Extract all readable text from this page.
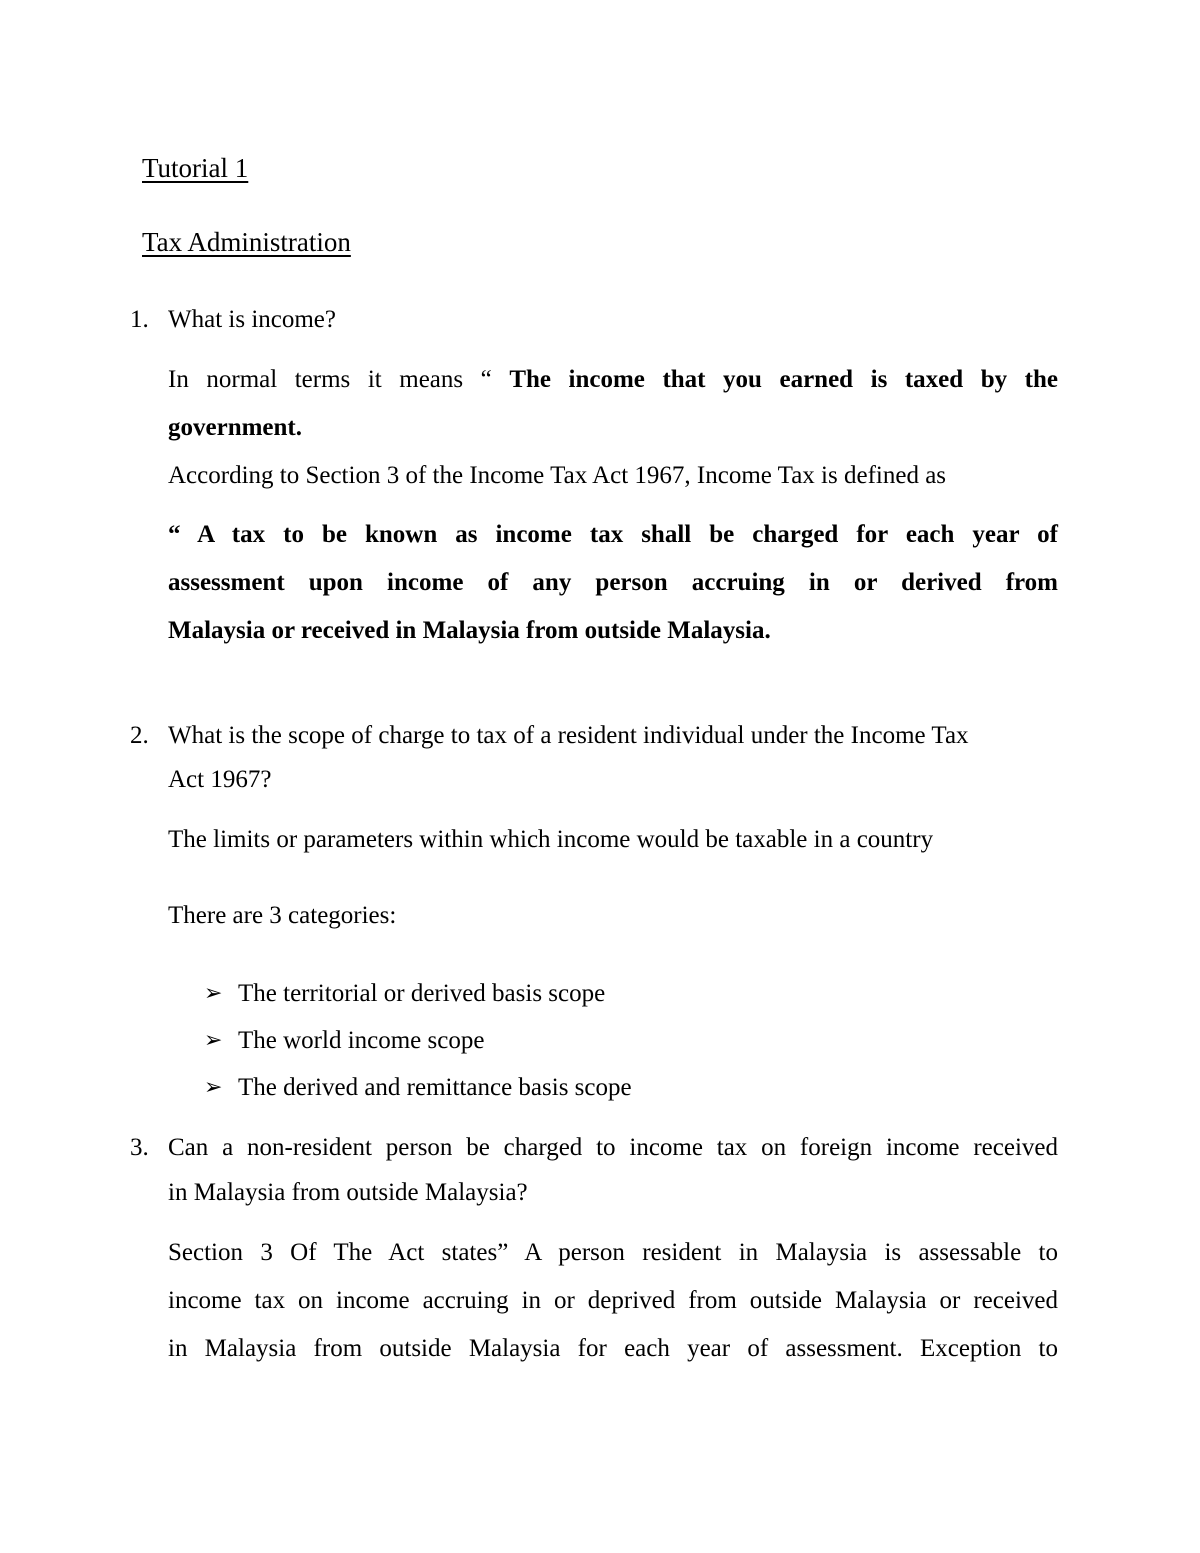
Tutorial 1
Tax Administration
1. What is income?
In normal terms it means “ The income that you earned is taxed by the
government.
According to Section 3 of the Income Tax Act 1967, Income Tax is defined as
“ A tax to be known as income tax shall be charged for each year of
assessment upon income of any person accruing in or derived from
Malaysia or received in Malaysia from outside Malaysia.
2. What is the scope of charge to tax of a resident individual under the Income Tax
Act 1967?
The limits or parameters within which income would be taxable in a country
There are 3 categories:
➢ The territorial or derived basis scope
➢ The world income scope
➢ The derived and remittance basis scope
3. Can a non-resident person be charged to income tax on foreign income received
in Malaysia from outside Malaysia?
Section 3 Of The Act states” A person resident in Malaysia is assessable to
income tax on income accruing in or deprived from outside Malaysia or received
in Malaysia from outside Malaysia for each year of assessment. Exception to
